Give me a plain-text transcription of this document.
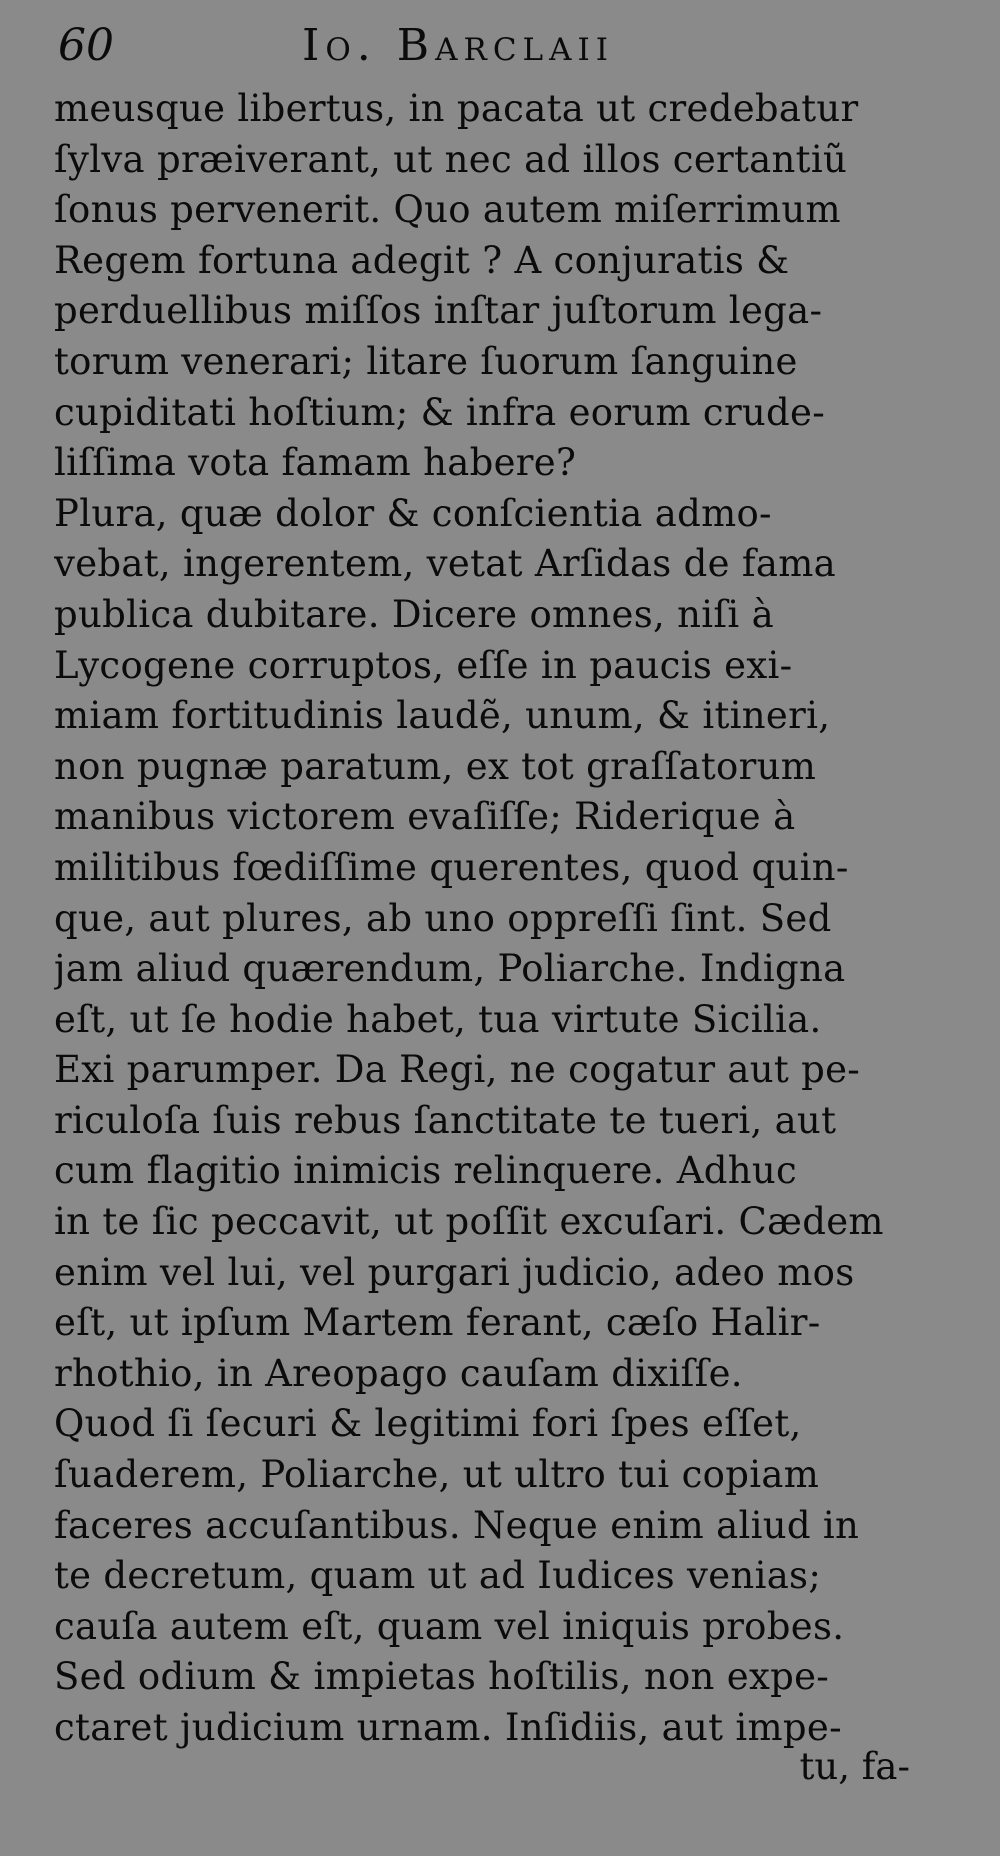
60	Io. Barclaii
meusque libertus, in pacata ut credebatur
ſylva præiverant, ut nec ad illos certantiũ
ſonus pervenerit. Quo autem miſerrimum
Regem fortuna adegit ? A conjuratis &
perduellibus miſſos inſtar juſtorum lega-
torum venerari; litare ſuorum ſanguine
cupiditati hoſtium; & infra eorum crude-
liſſima vota famam habere?
Plura, quæ dolor & conſcientia admo-
vebat, ingerentem, vetat Arſidas de fama
publica dubitare. Dicere omnes, niſi à
Lycogene corruptos, eſſe in paucis exi-
miam fortitudinis laudẽ, unum, & itineri,
non pugnæ paratum, ex tot graſſatorum
manibus victorem evaſiſſe; Riderique à
militibus fœdiſſime querentes, quod quin-
que, aut plures, ab uno oppreſſi ſint. Sed
jam aliud quærendum, Poliarche. Indigna
eſt, ut ſe hodie habet, tua virtute Sicilia.
Exi parumper. Da Regi, ne cogatur aut pe-
riculoſa ſuis rebus ſanctitate te tueri, aut
cum flagitio inimicis relinquere. Adhuc
in te ſic peccavit, ut poſſit excuſari. Cædem
enim vel lui, vel purgari judicio, adeo mos
eſt, ut ipſum Martem ferant, cæſo Halir-
rhothio, in Areopago cauſam dixiſſe.
Quod ſi ſecuri & legitimi fori ſpes eſſet,
ſuaderem, Poliarche, ut ultro tui copiam
faceres accuſantibus. Neque enim aliud in
te decretum, quam ut ad Iudices venias;
cauſa autem eſt, quam vel iniquis probes.
Sed odium & impietas hoſtilis, non expe-
ctaret judicium urnam. Inſidiis, aut impe-
tu, fa-
